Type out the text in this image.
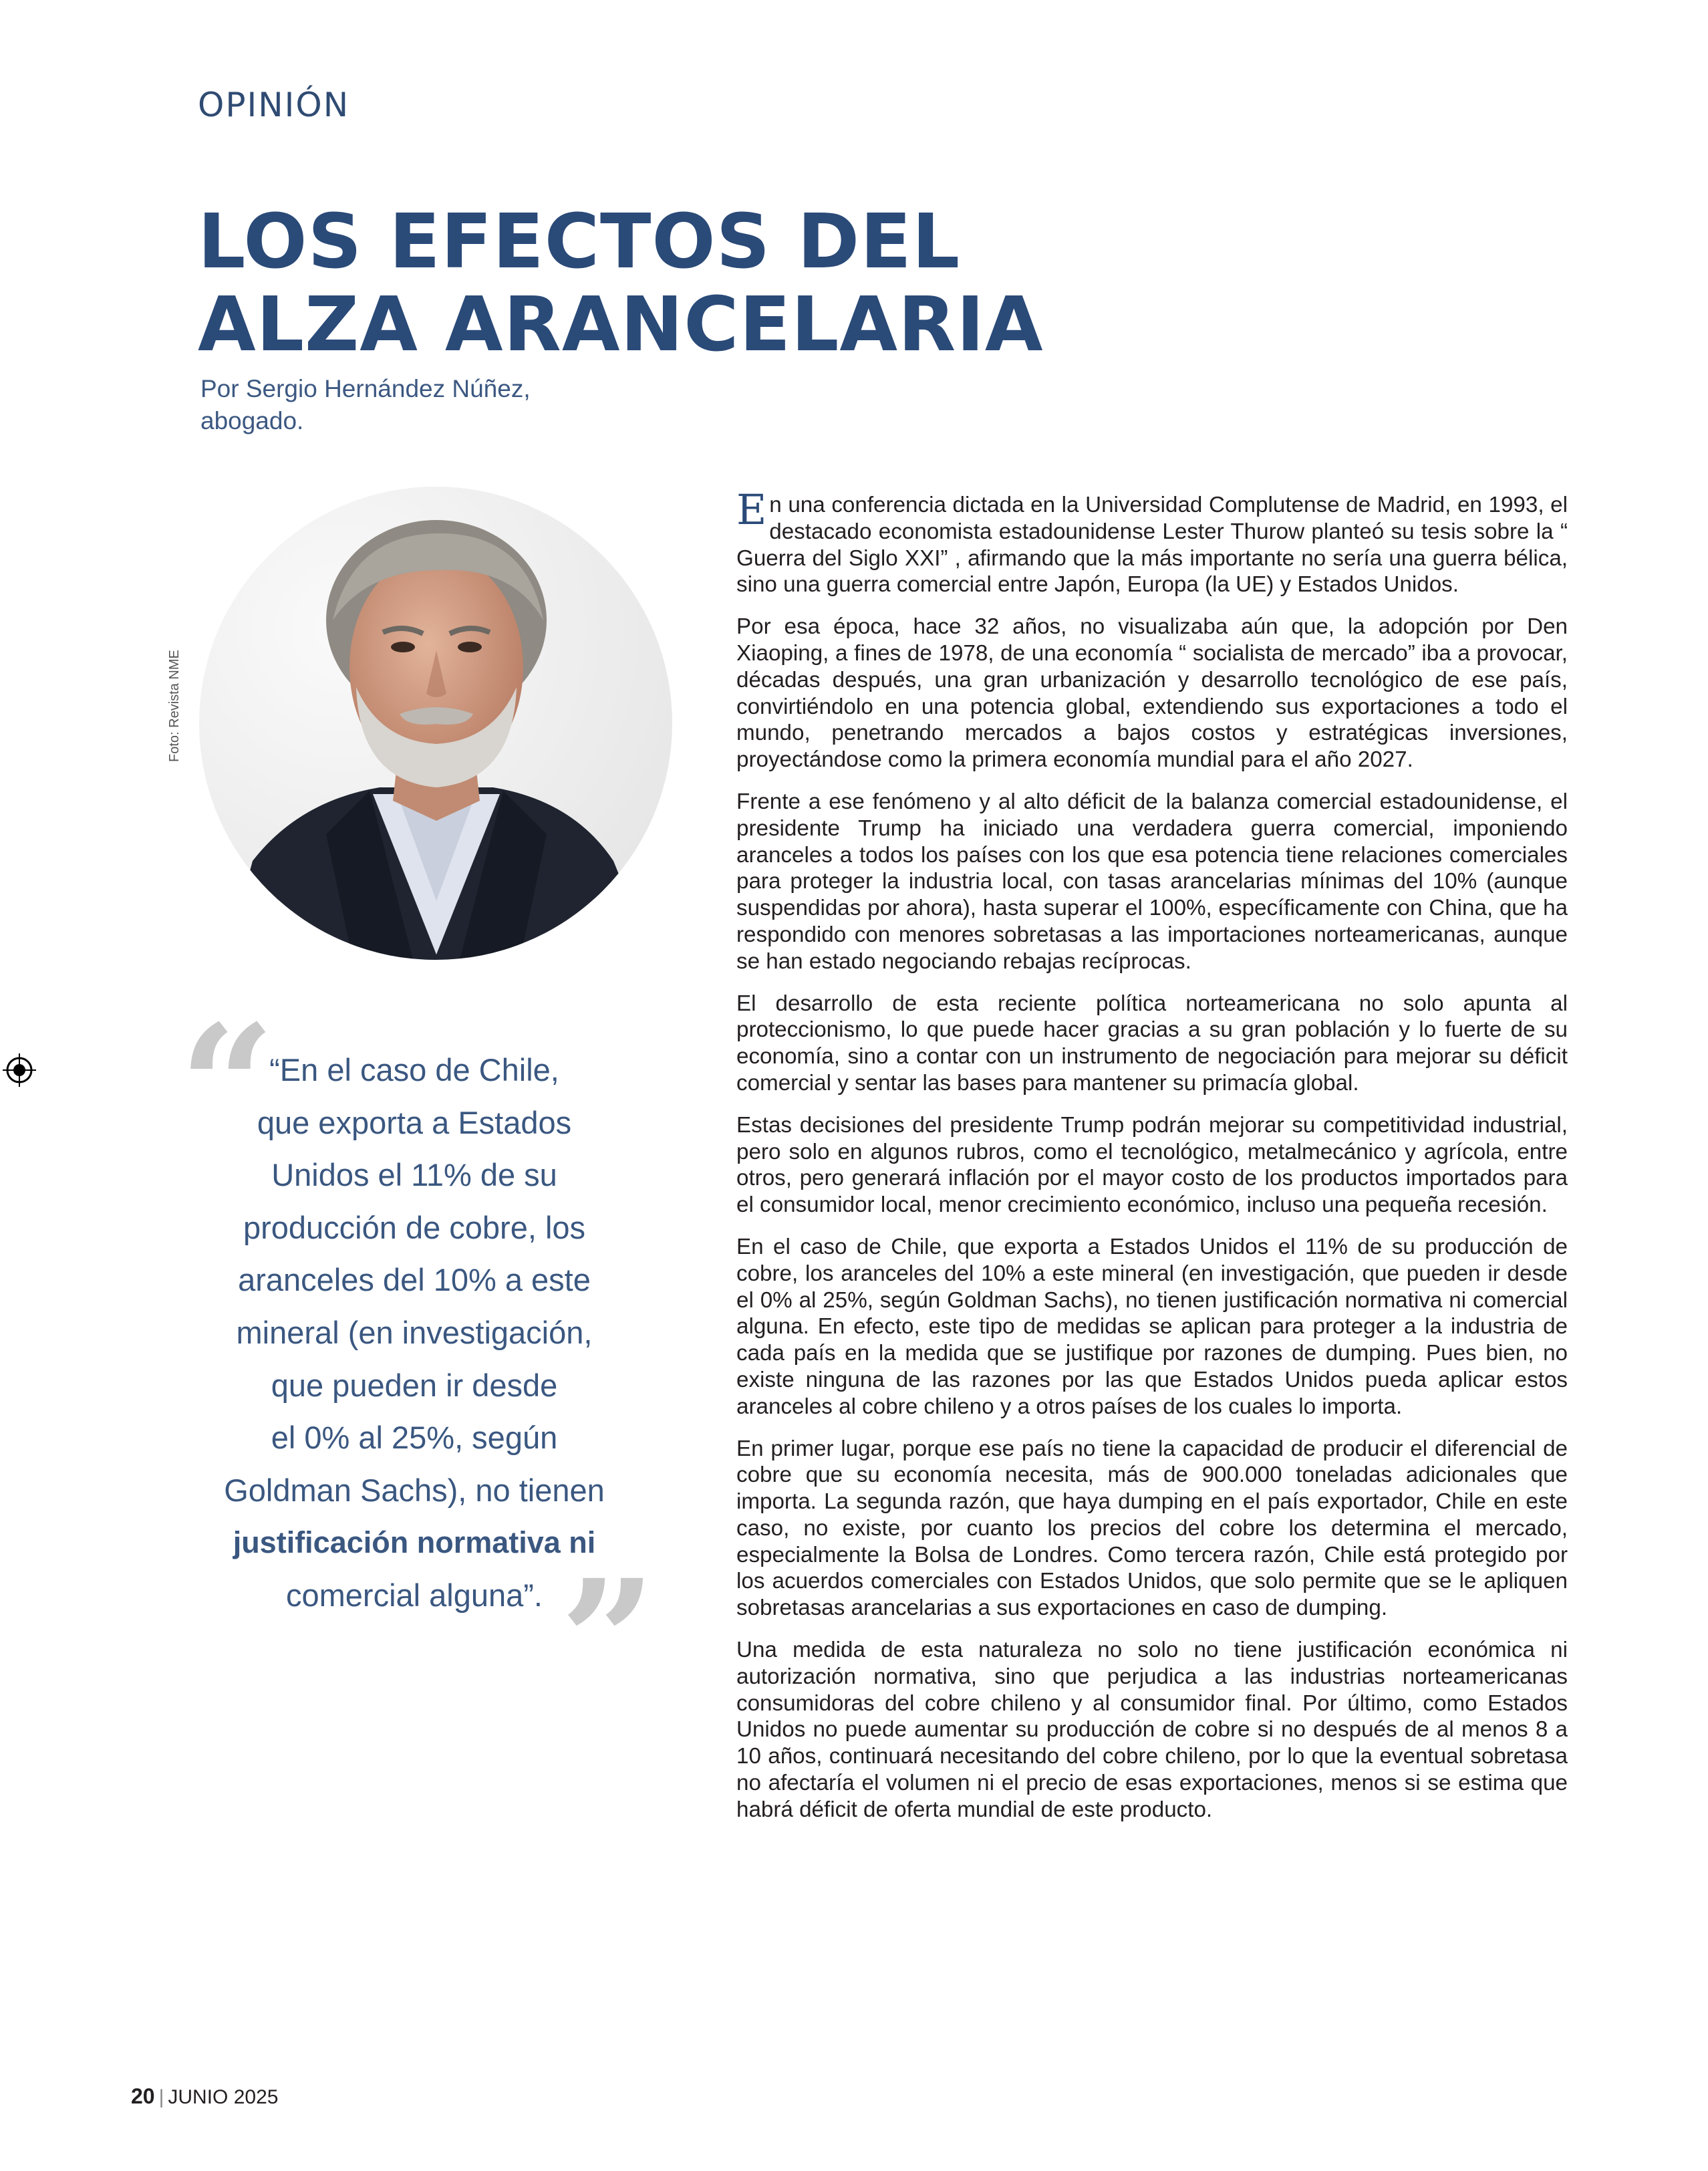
OPINIÓN
LOS EFECTOS DEL
ALZA ARANCELARIA
Por Sergio Hernández Núñez,
abogado.
Foto: Revista NME
“
“En el caso de Chile,
que exporta a Estados
Unidos el 11% de su
producción de cobre, los
aranceles del 10% a este
mineral (en investigación,
que pueden ir desde
el 0% al 25%, según
Goldman Sachs), no tienen
justificación normativa ni
comercial alguna”. ”

En una conferencia dictada en la Universidad Complutense de Madrid, en 1993, el destacado economista estadounidense Lester Thurow planteó su tesis sobre la “ Guerra del Siglo XXI” , afirmando que la más importante no sería una guerra bélica, sino una guerra comercial entre Japón, Europa (la UE) y Estados Unidos.

Por esa época, hace 32 años, no visualizaba aún que, la adopción por Den Xiaoping, a fines de 1978, de una economía “ socialista de mercado” iba a provocar, décadas después, una gran urbanización y desarrollo tecnológico de ese país, convirtiéndolo en una potencia global, extendiendo sus exportaciones a todo el mundo, penetrando mercados a bajos costos y estratégicas inversiones, proyectándose como la primera economía mundial para el año 2027.

Frente a ese fenómeno y al alto déficit de la balanza comercial estadounidense, el presidente Trump ha iniciado una verdadera guerra comercial, imponiendo aranceles a todos los países con los que esa potencia tiene relaciones comerciales para proteger la industria local, con tasas arancelarias mínimas del 10% (aunque suspendidas por ahora), hasta superar el 100%, específicamente con China, que ha respondido con menores sobretasas a las importaciones norteamericanas, aunque se han estado negociando rebajas recíprocas.

El desarrollo de esta reciente política norteamericana no solo apunta al proteccionismo, lo que puede hacer gracias a su gran población y lo fuerte de su economía, sino a contar con un instrumento de negociación para mejorar su déficit comercial y sentar las bases para mantener su primacía global.

Estas decisiones del presidente Trump podrán mejorar su competitividad industrial, pero solo en algunos rubros, como el tecnológico, metalmecánico y agrícola, entre otros, pero generará inflación por el mayor costo de los productos importados para el consumidor local, menor crecimiento económico, incluso una pequeña recesión.

En el caso de Chile, que exporta a Estados Unidos el 11% de su producción de cobre, los aranceles del 10% a este mineral (en investigación, que pueden ir desde el 0% al 25%, según Goldman Sachs), no tienen justificación normativa ni comercial alguna. En efecto, este tipo de medidas se aplican para proteger a la industria de cada país en la medida que se justifique por razones de dumping. Pues bien, no existe ninguna de las razones por las que Estados Unidos pueda aplicar estos aranceles al cobre chileno y a otros países de los cuales lo importa.

En primer lugar, porque ese país no tiene la capacidad de producir el diferencial de cobre que su economía necesita, más de 900.000 toneladas adicionales que importa. La segunda razón, que haya dumping en el país exportador, Chile en este caso, no existe, por cuanto los precios del cobre los determina el mercado, especialmente la Bolsa de Londres. Como tercera razón, Chile está protegido por los acuerdos comerciales con Estados Unidos, que solo permite que se le apliquen sobretasas arancelarias a sus exportaciones en caso de dumping.

Una medida de esta naturaleza no solo no tiene justificación económica ni autorización normativa, sino que perjudica a las industrias norteamericanas consumidoras del cobre chileno y al consumidor final. Por último, como Estados Unidos no puede aumentar su producción de cobre si no después de al menos 8 a 10 años, continuará necesitando del cobre chileno, por lo que la eventual sobretasa no afectaría el volumen ni el precio de esas exportaciones, menos si se estima que habrá déficit de oferta mundial de este producto.

20 | JUNIO 2025
